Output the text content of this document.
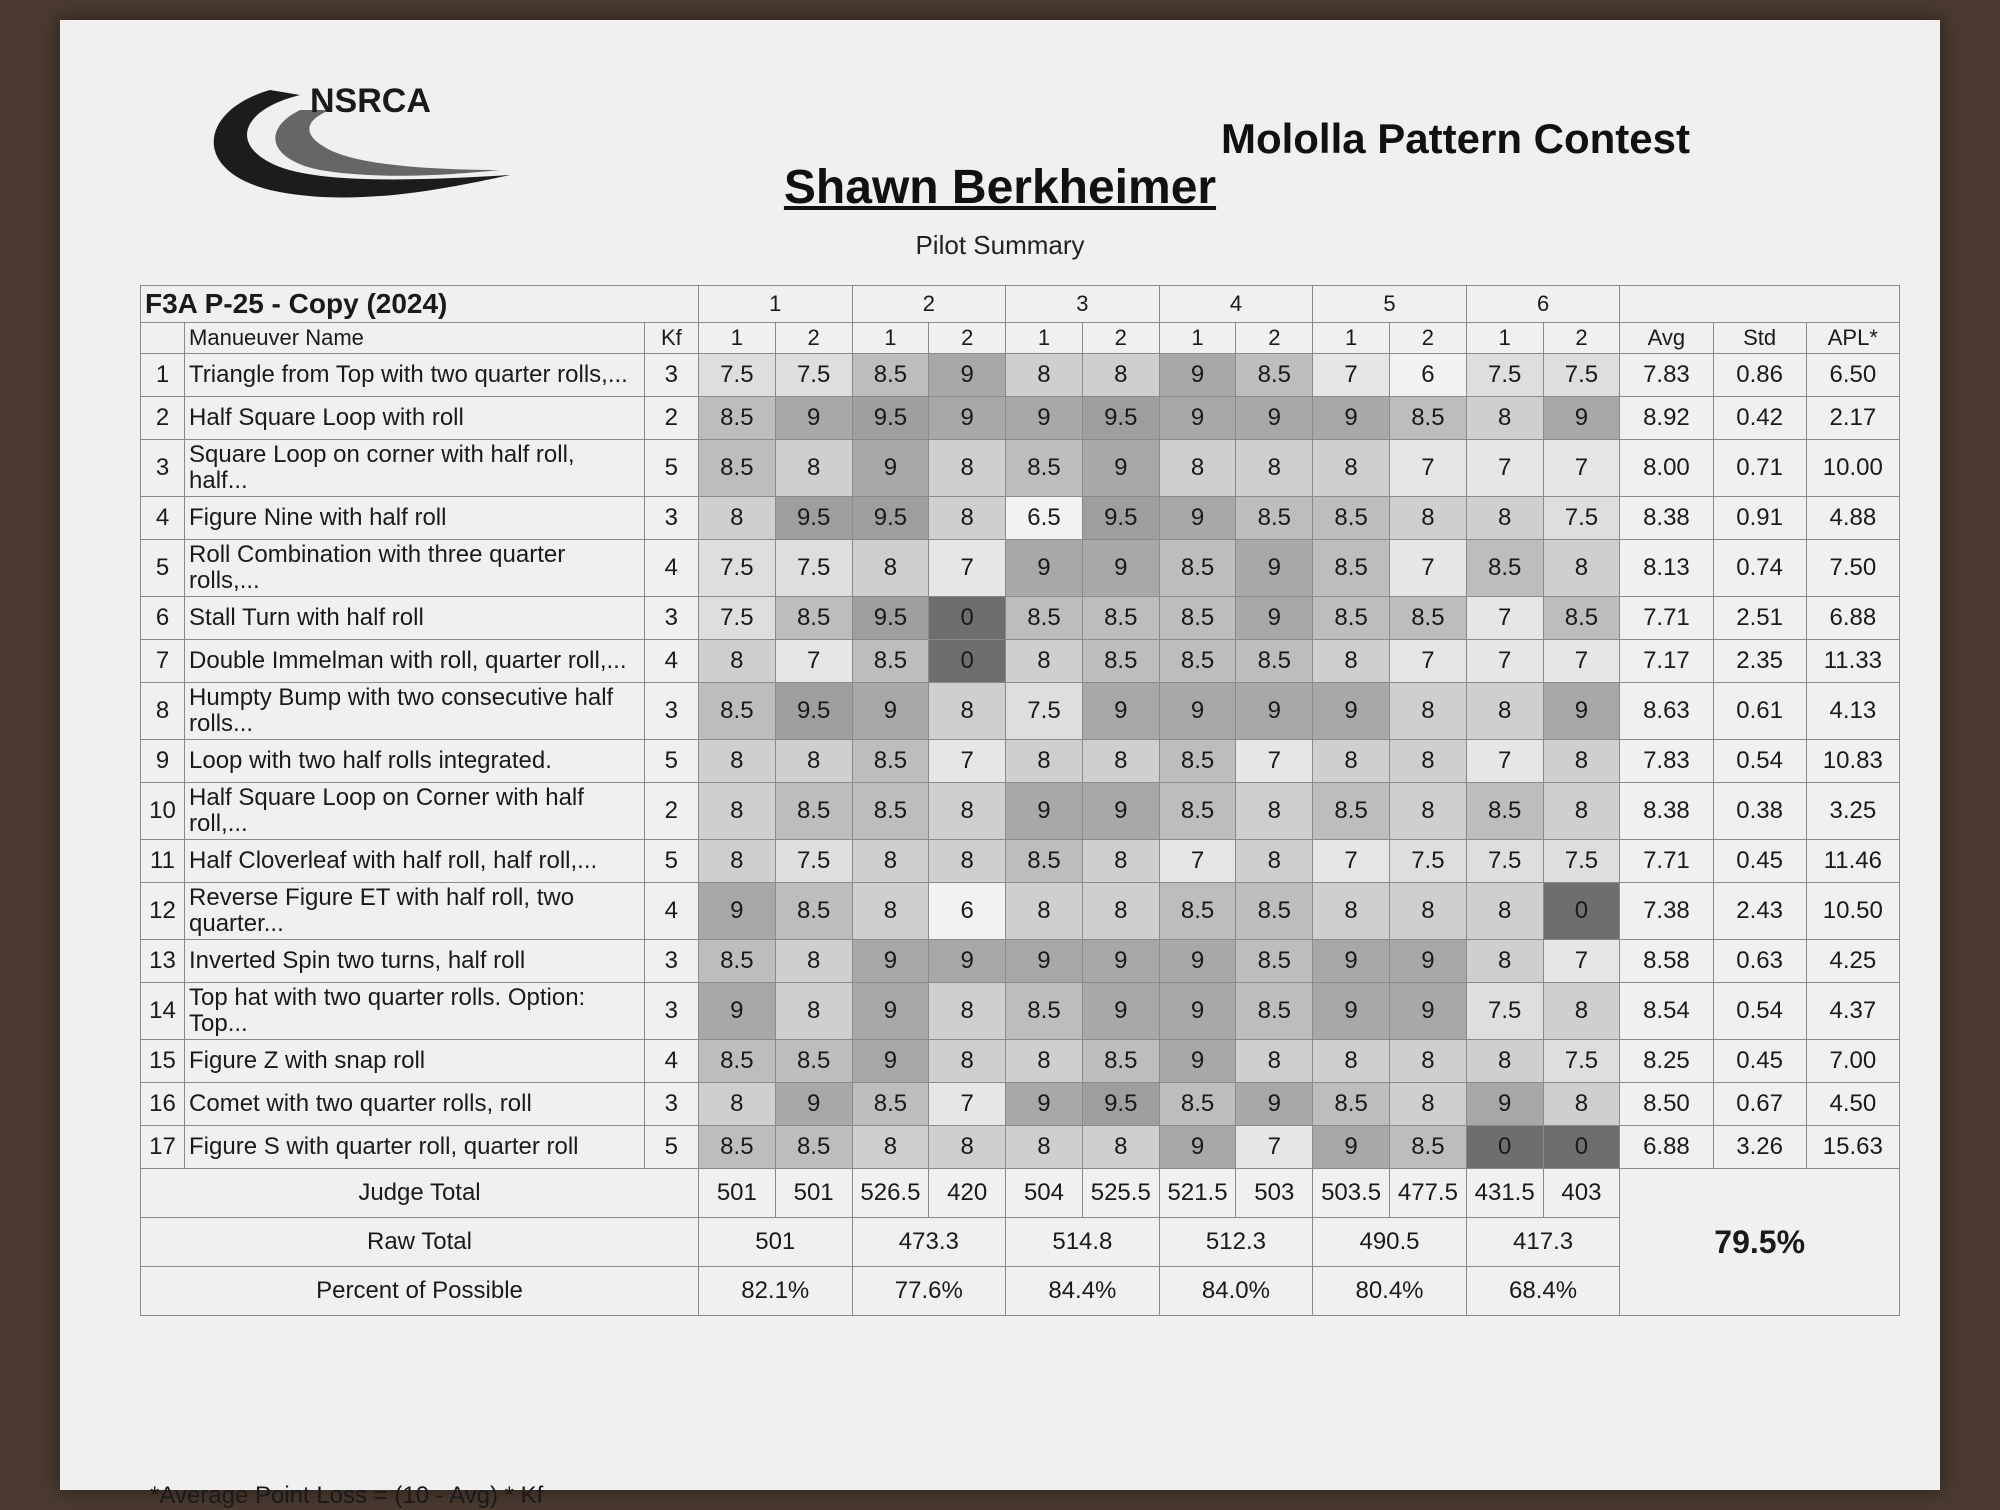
NSRCA
Mololla Pattern Contest
Shawn Berkheimer
Pilot Summary
F3A P-25 - Copy (2024)			1		2		3		4		5		6				
	Manueuver Name	Kf	1	2	1	2	1	2	1	2	1	2	1	2	Avg	Std	APL*
1	Triangle from Top with two quarter rolls,...	3	7.5	7.5	8.5	9	8	8	9	8.5	7	6	7.5	7.5	7.83	0.86	6.50
2	Half Square Loop with roll	2	8.5	9	9.5	9	9	9.5	9	9	9	8.5	8	9	8.92	0.42	2.17
3	Square Loop on corner with half roll, half...	5	8.5	8	9	8	8.5	9	8	8	8	7	7	7	8.00	0.71	10.00
4	Figure Nine with half roll	3	8	9.5	9.5	8	6.5	9.5	9	8.5	8.5	8	8	7.5	8.38	0.91	4.88
5	Roll Combination with three quarter rolls,...	4	7.5	7.5	8	7	9	9	8.5	9	8.5	7	8.5	8	8.13	0.74	7.50
6	Stall Turn with half roll	3	7.5	8.5	9.5	0	8.5	8.5	8.5	9	8.5	8.5	7	8.5	7.71	2.51	6.88
7	Double Immelman with roll, quarter roll,...	4	8	7	8.5	0	8	8.5	8.5	8.5	8	7	7	7	7.17	2.35	11.33
8	Humpty Bump with two consecutive half rolls...	3	8.5	9.5	9	8	7.5	9	9	9	9	8	8	9	8.63	0.61	4.13
9	Loop with two half rolls integrated.	5	8	8	8.5	7	8	8	8.5	7	8	8	7	8	7.83	0.54	10.83
10	Half Square Loop on Corner with half roll,...	2	8	8.5	8.5	8	9	9	8.5	8	8.5	8	8.5	8	8.38	0.38	3.25
11	Half Cloverleaf with half roll, half roll,...	5	8	7.5	8	8	8.5	8	7	8	7	7.5	7.5	7.5	7.71	0.45	11.46
12	Reverse Figure ET with half roll, two quarter...	4	9	8.5	8	6	8	8	8.5	8.5	8	8	8	0	7.38	2.43	10.50
13	Inverted Spin two turns, half roll	3	8.5	8	9	9	9	9	9	8.5	9	9	8	7	8.58	0.63	4.25
14	Top hat with two quarter rolls. Option: Top...	3	9	8	9	8	8.5	9	9	8.5	9	9	7.5	8	8.54	0.54	4.37
15	Figure Z with snap roll	4	8.5	8.5	9	8	8	8.5	9	8	8	8	8	7.5	8.25	0.45	7.00
16	Comet with two quarter rolls, roll	3	8	9	8.5	7	9	9.5	8.5	9	8.5	8	9	8	8.50	0.67	4.50
17	Figure S with quarter roll, quarter roll	5	8.5	8.5	8	8	8	8	9	7	9	8.5	0	0	6.88	3.26	15.63
Judge Total			501	501	526.5	420	504	525.5	521.5	503	503.5	477.5	431.5	403	79.5%		
Raw Total			501		473.3		514.8		512.3		490.5		417.3				
Percent of Possible			82.1%		77.6%		84.4%		84.0%		80.4%		68.4%				
*Average Point Loss = (10 - Avg) * Kf
